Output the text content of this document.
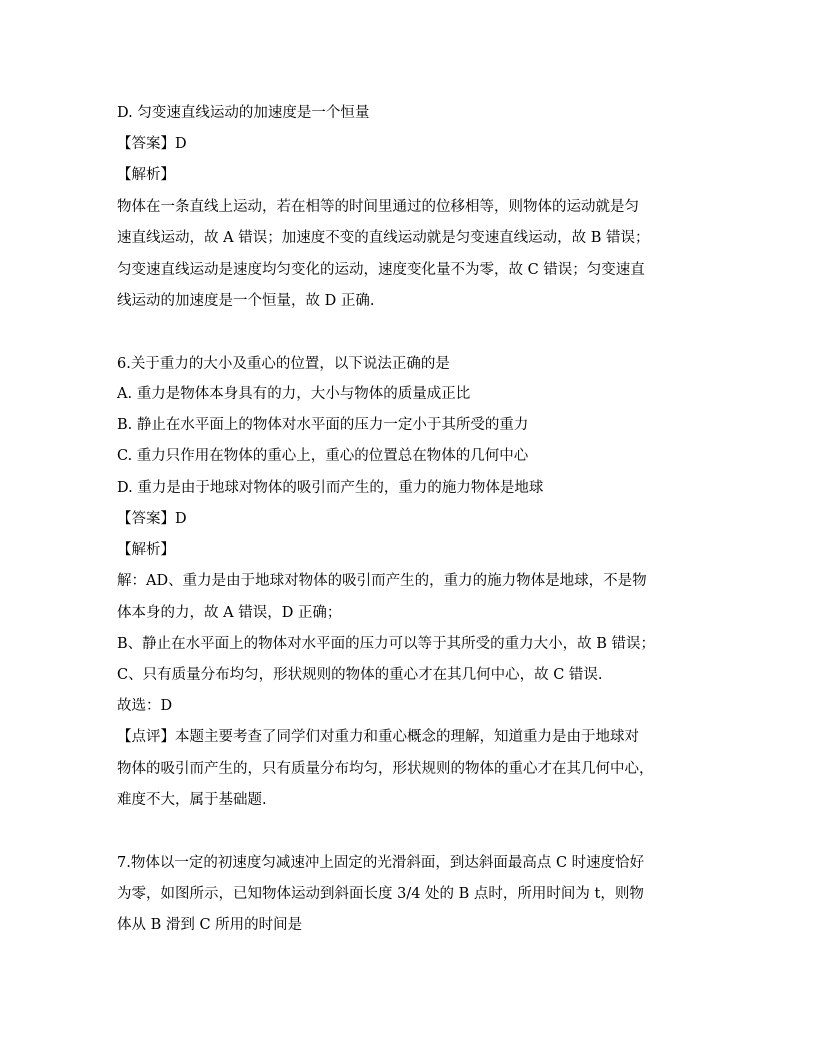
D. 匀变速直线运动的加速度是一个恒量
【答案】D
【解析】
物体在一条直线上运动，若在相等的时间里通过的位移相等，则物体的运动就是匀
速直线运动，故 A 错误；加速度不变的直线运动就是匀变速直线运动，故 B 错误；
匀变速直线运动是速度均匀变化的运动，速度变化量不为零，故 C 错误；匀变速直
线运动的加速度是一个恒量，故 D 正确.
6.关于重力的大小及重心的位置，以下说法正确的是
A. 重力是物体本身具有的力，大小与物体的质量成正比
B. 静止在水平面上的物体对水平面的压力一定小于其所受的重力
C. 重力只作用在物体的重心上，重心的位置总在物体的几何中心
D. 重力是由于地球对物体的吸引而产生的，重力的施力物体是地球
【答案】D
【解析】
解：AD、重力是由于地球对物体的吸引而产生的，重力的施力物体是地球，不是物
体本身的力，故 A 错误，D 正确；
B、静止在水平面上的物体对水平面的压力可以等于其所受的重力大小，故 B 错误；
C、只有质量分布均匀，形状规则的物体的重心才在其几何中心，故 C 错误.
故选：D
【点评】本题主要考查了同学们对重力和重心概念的理解，知道重力是由于地球对
物体的吸引而产生的，只有质量分布均匀，形状规则的物体的重心才在其几何中心，
难度不大，属于基础题.
7.物体以一定的初速度匀减速冲上固定的光滑斜面，到达斜面最高点 C 时速度恰好
为零，如图所示，已知物体运动到斜面长度 3/4 处的 B 点时，所用时间为 t，则物
体从 B 滑到 C 所用的时间是
